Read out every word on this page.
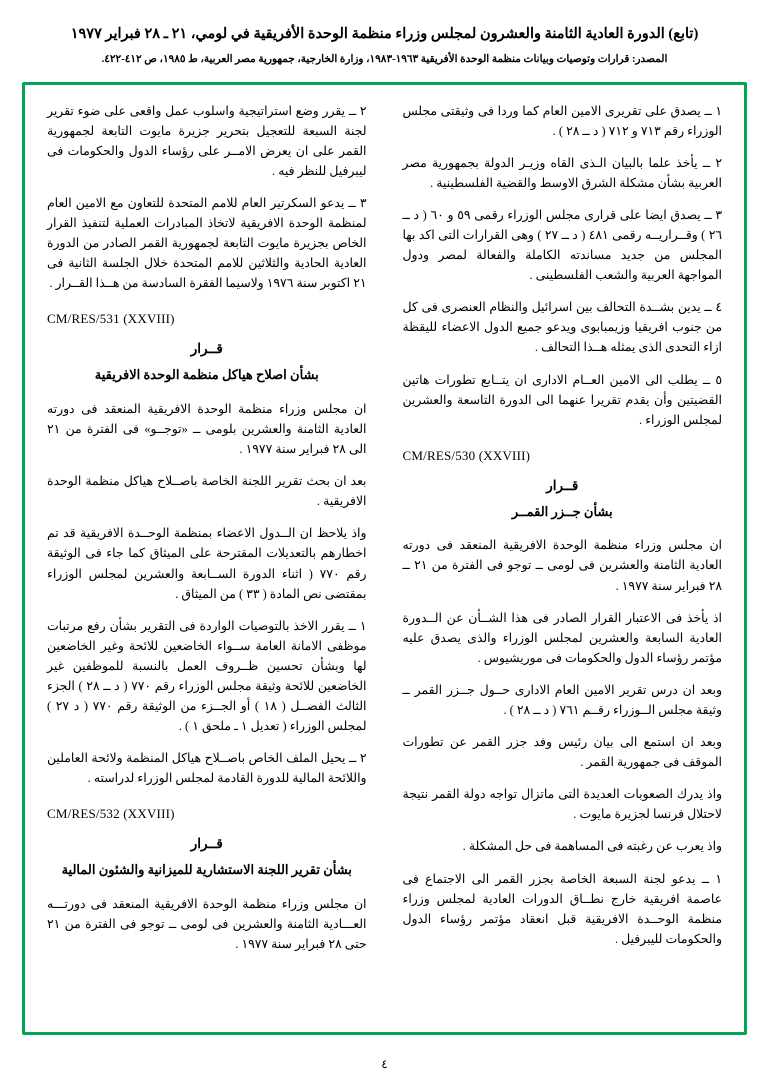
(تابع) الدورة العادية الثامنة والعشرون لمجلس وزراء منظمة الوحدة الأفريقية في لومي، ٢١ ـ ٢٨ فبراير ١٩٧٧
المصدر: قرارات وتوصيات وبيانات منظمة الوحدة الأفريقية ١٩٦٣-١٩٨٣، وزارة الخارجية، جمهورية مصر العربية، ط ١٩٨٥، ص ٤١٢-٤٢٢.

١ ــ يصدق على تقريرى الامين العام كما وردا فى وثيقتى مجلس الوزراء رقم ٧١٣ و ٧١٢ ( د ــ ٢٨ ) .

٢ ــ يأخذ علما بالبيان الـذى القاه وزيـر الدولة بجمهورية مصر العربية بشأن مشكلة الشرق الاوسط والقضية الفلسطينية .

٣ ــ يصدق ايضا على قرارى مجلس الوزراء رقمى ٥٩ و ٦٠ ( د ــ ٢٦ ) وقــراريــه رقمى ٤٨١ ( د ــ ٢٧ ) وهى القرارات التى اكد بها المجلس من جديد مساندته الكاملة والفعالة لمصر ودول المواجهة العربية والشعب الفلسطينى .

٤ ــ يدين بشــدة التحالف بين اسرائيل والنظام العنصرى فى كل من جنوب افريقيا وزيمبابوى ويدعو جميع الدول الاعضاء لليقظة ازاء التحدى الذى يمثله هــذا التحالف .

٥ ــ يطلب الى الامين العــام الادارى ان يتــابع تطورات هاتين القضيتين وأن يقدم تقريرا عنهما الى الدورة التاسعة والعشرين لمجلس الوزراء .

CM/RES/530 (XXVIII)
قــرار
بشأن جــزر القمــر

ان مجلس وزراء منظمة الوحدة الافريقية المنعقد فى دورته العادية الثامنة والعشرين فى لومى ــ توجو فى الفترة من ٢١ ــ ٢٨ فبراير سنة ١٩٧٧ .

اذ يأخذ فى الاعتبار القرار الصادر فى هذا الشــأن عن الــدورة العادية السابعة والعشرين لمجلس الوزراء والذى يصدق عليه مؤتمر رؤساء الدول والحكومات فى موريشيوس .

وبعد ان درس تقرير الامين العام الادارى حــول جــزر القمر ــ وثيقة مجلس الــوزراء رقــم ٧٦١ ( د ــ ٢٨ ) .

وبعد ان استمع الى بيان رئيس وفد جزر القمر عن تطورات الموقف فى جمهورية القمر .

واذ يدرك الصعوبات العديدة التى ماتزال تواجه دولة القمر نتيجة لاحتلال فرنسا لجزيرة مايوت .

واذ يعرب عن رغبته فى المساهمة فى حل المشكلة .

١ ــ يدعو لجنة السبعة الخاصة بجزر القمر الى الاجتماع فى عاصمة افريقية خارج نطــاق الدورات العادية لمجلس وزراء منظمة الوحــدة الافريقية قبل انعقاد مؤتمر رؤساء الدول والحكومات لليبرفيل .

٢ ــ يقرر وضع استراتيجية واسلوب عمل واقعى على ضوء تقرير لجنة السبعة للتعجيل بتحرير جزيرة مايوت التابعة لجمهورية القمر على ان يعرض الامــر على رؤساء الدول والحكومات فى ليبرفيل للنظر فيه .

٣ ــ يدعو السكرتير العام للامم المتحدة للتعاون مع الامين العام لمنظمة الوحدة الافريقية لاتخاذ المبادرات العملية لتنفيذ القرار الخاص بجزيرة مايوت التابعة لجمهورية القمر الصادر من الدورة العادية الحادية والثلاثين للامم المتحدة خلال الجلسة الثانية فى ٢١ اكتوبر سنة ١٩٧٦ ولاسيما الفقرة السادسة من هــذا القــرار .

CM/RES/531 (XXVIII)
قــرار
بشأن اصلاح هياكل منظمة الوحدة الافريقية

ان مجلس وزراء منظمة الوحدة الافريقية المنعقد فى دورته العادية الثامنة والعشرين بلومى ــ «توجــو» فى الفترة من ٢١ الى ٢٨ فبراير سنة ١٩٧٧ .

بعد ان بحث تقرير اللجنة الخاصة باصــلاح هياكل منظمة الوحدة الافريقية .

واذ يلاحظ ان الــدول الاعضاء بمنظمة الوحــدة الافريقية قد تم اخطارهم بالتعديلات المقترحة على الميثاق كما جاء فى الوثيقة رقم ٧٧٠ ( اثناء الدورة الســابعة والعشرين لمجلس الوزراء بمقتضى نص المادة ( ٣٣ ) من الميثاق .

١ ــ يقرر الاخذ بالتوصيات الواردة فى التقرير بشأن رفع مرتبات موظفى الامانة العامة ســواء الخاضعين للائحة وغير الخاضعين لها وبشأن تحسين ظــروف العمل بالنسبة للموظفين غير الخاضعين للائحة وثيقة مجلس الوزراء رقم ٧٧٠ ( د ــ ٢٨ ) الجزء الثالث الفصــل ( ١٨ ) أو الجــزء من الوثيقة رقم ٧٧٠ ( د ٢٧ ) لمجلس الوزراء ( تعديل ١ ـ ملحق ١ ) .

٢ ــ يحيل الملف الخاص باصــلاح هياكل المنظمة ولائحة العاملين واللائحة المالية للدورة القادمة لمجلس الوزراء لدراسته .

CM/RES/532 (XXVIII)
قــرار
بشأن تقرير اللجنة الاستشارية للميزانية والشئون المالية

ان مجلس وزراء منظمة الوحدة الافريقية المنعقد فى دورتـــه العـــادية الثامنة والعشرين فى لومى ــ توجو فى الفترة من ٢١ حتى ٢٨ فبراير سنة ١٩٧٧ .

٤
